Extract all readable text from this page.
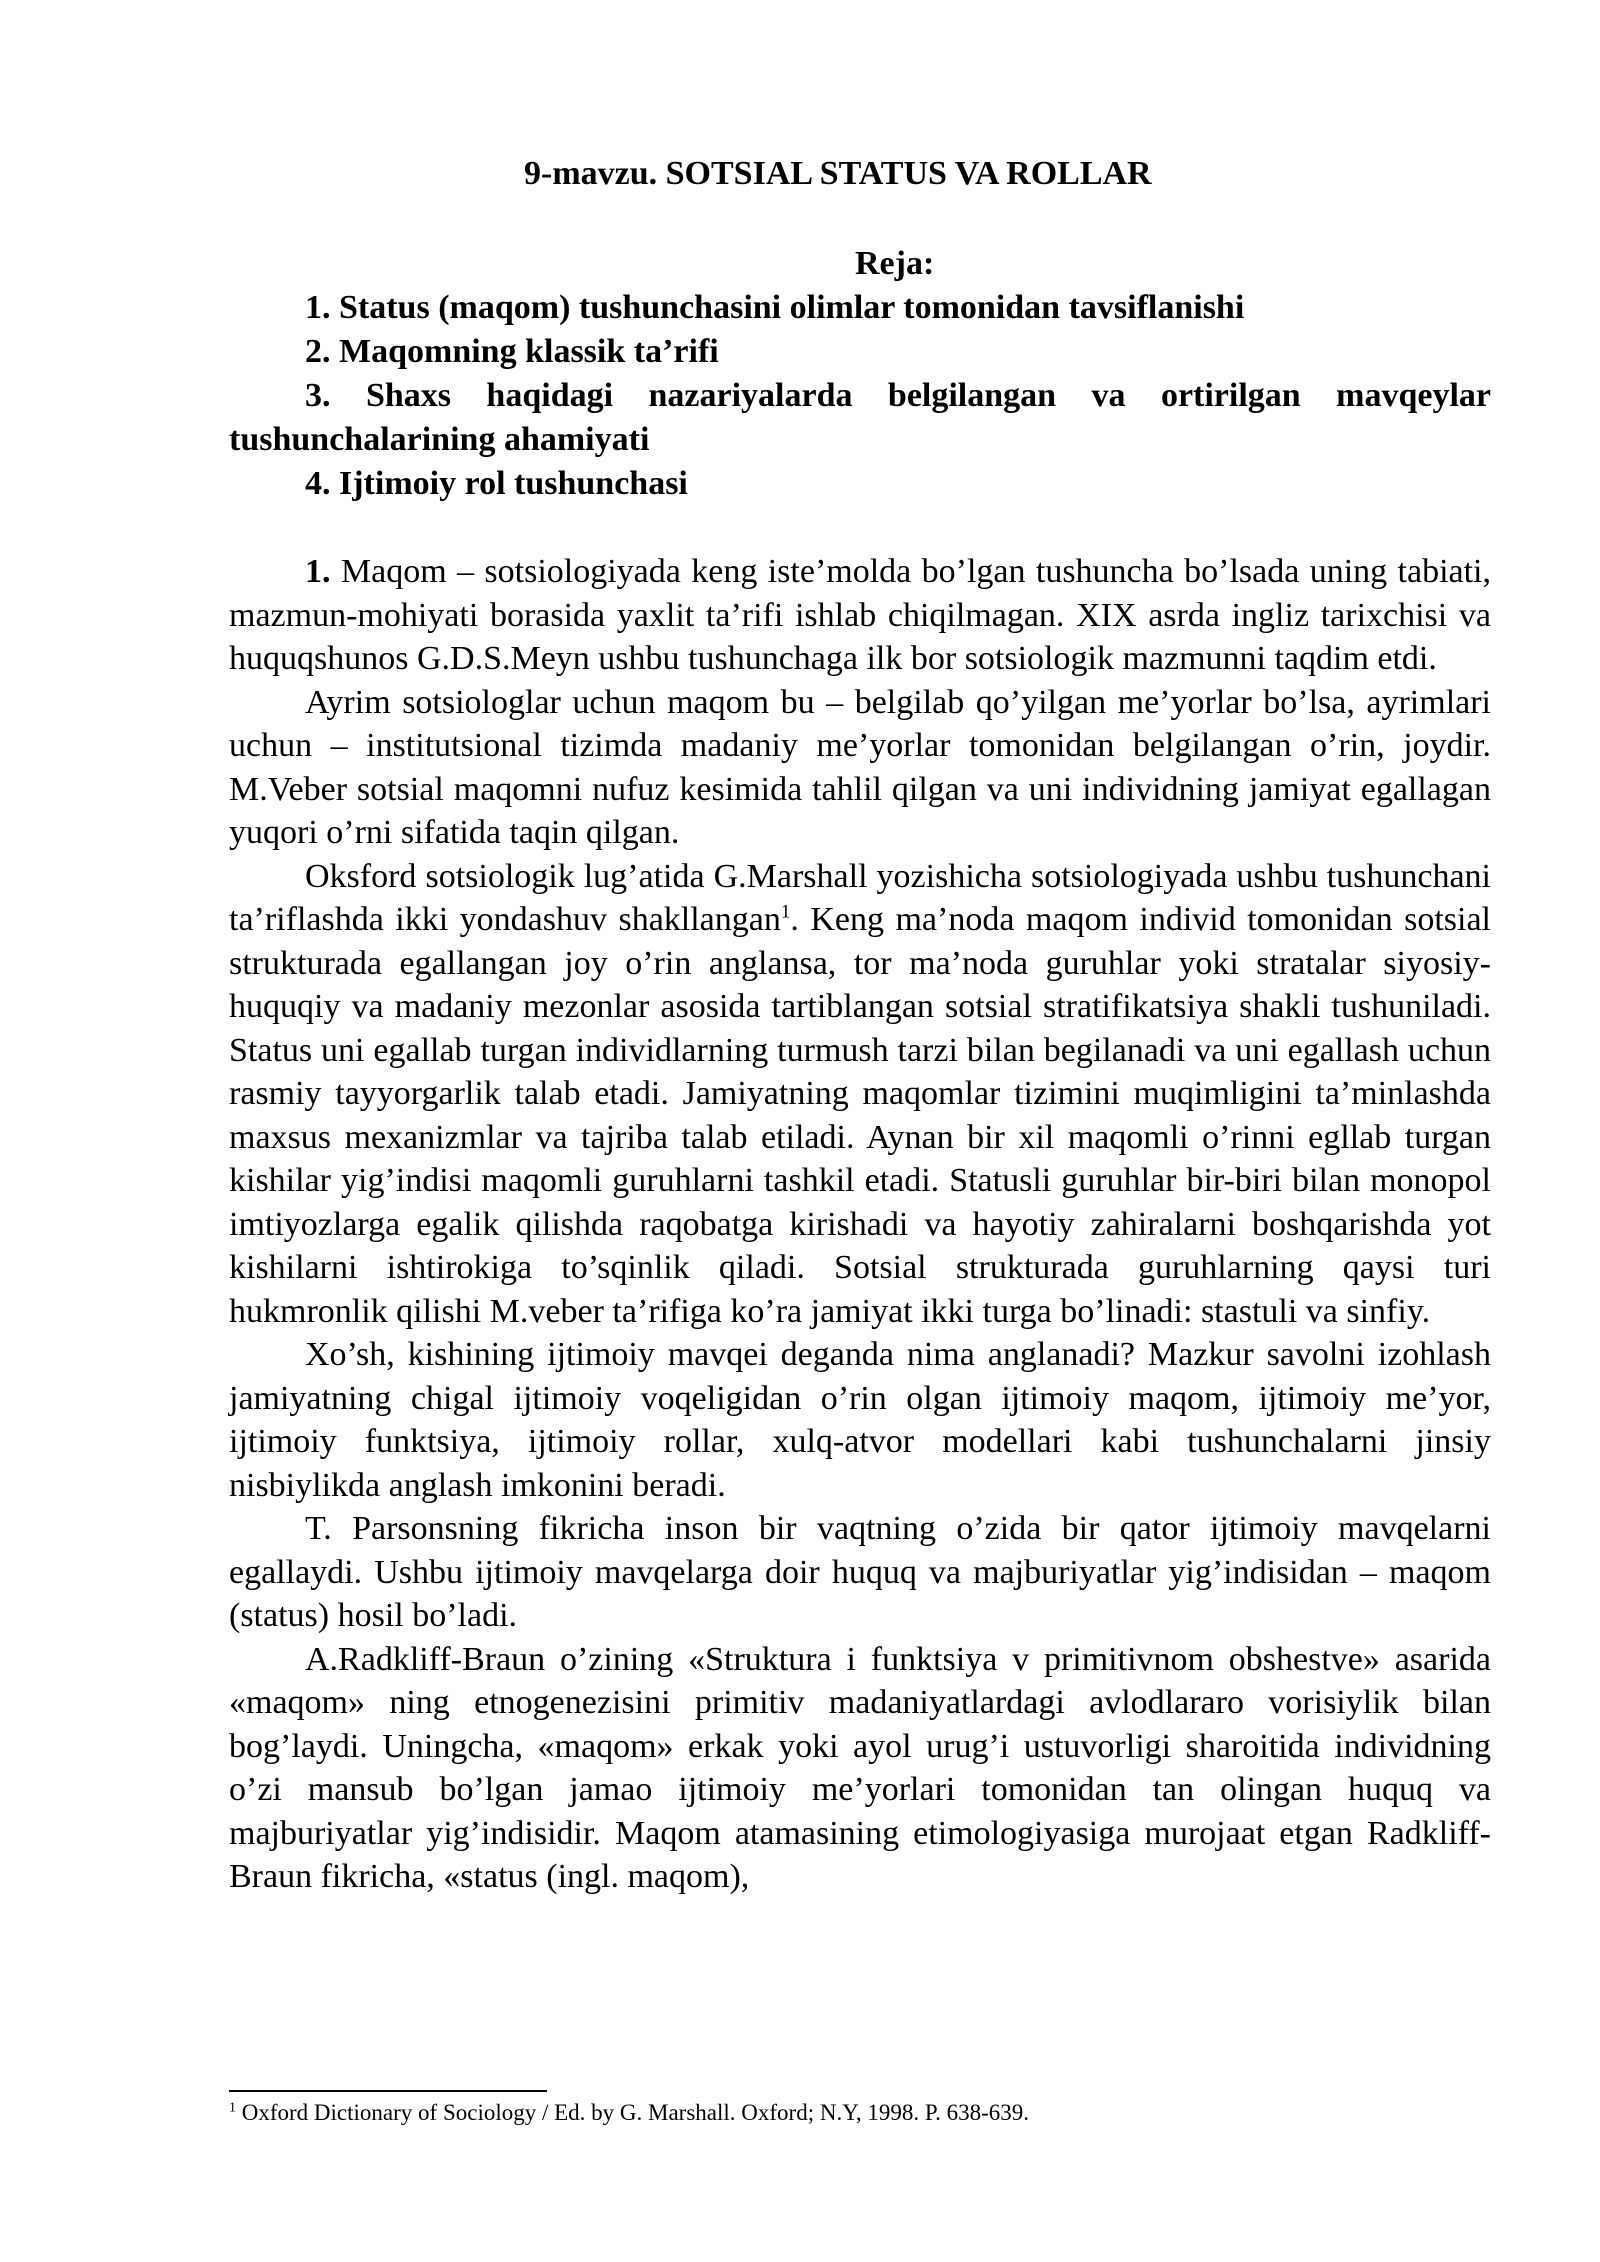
9-mavzu. SOTSIAL STATUS VA ROLLAR
Reja:
1. Status (maqom) tushunchasini olimlar tomonidan tavsiflanishi
2. Maqomning klassik ta’rifi
3. Shaxs haqidagi nazariyalarda belgilangan va ortirilgan mavqeylar tushunchalarining ahamiyati
4. Ijtimoiy rol tushunchasi

1. Maqom – sotsiologiyada keng iste’molda bo’lgan tushuncha bo’lsada uning tabiati, mazmun-mohiyati borasida yaxlit ta’rifi ishlab chiqilmagan. XIX asrda ingliz tarixchisi va huquqshunos G.D.S.Meyn ushbu tushunchaga ilk bor sotsiologik mazmunni taqdim etdi.

Ayrim sotsiologlar uchun maqom bu – belgilab qo’yilgan me’yorlar bo’lsa, ayrimlari uchun – institutsional tizimda madaniy me’yorlar tomonidan belgilangan o’rin, joydir. M.Veber sotsial maqomni nufuz kesimida tahlil qilgan va uni individning jamiyat egallagan yuqori o’rni sifatida taqin qilgan.

Oksford sotsiologik lug’atida G.Marshall yozishicha sotsiologiyada ushbu tushunchani ta’riflashda ikki yondashuv shakllangan$^1$. Keng ma’noda maqom individ tomonidan sotsial strukturada egallangan joy o’rin anglansa, tor ma’noda guruhlar yoki stratalar siyosiy-huquqiy va madaniy mezonlar asosida tartiblangan sotsial stratifikatsiya shakli tushuniladi. Status uni egallab turgan individlarning turmush tarzi bilan begilanadi va uni egallash uchun rasmiy tayyorgarlik talab etadi. Jamiyatning maqomlar tizimini muqimligini ta’minlashda maxsus mexanizmlar va tajriba talab etiladi. Aynan bir xil maqomli o’rinni egllab turgan kishilar yig’indisi maqomli guruhlarni tashkil etadi. Statusli guruhlar bir-biri bilan monopol imtiyozlarga egalik qilishda raqobatga kirishadi va hayotiy zahiralarni boshqarishda yot kishilarni ishtirokiga to’sqinlik qiladi. Sotsial strukturada guruhlarning qaysi turi hukmronlik qilishi M.veber ta’rifiga ko’ra jamiyat ikki turga bo’linadi: stastuli va sinfiy.

Xo’sh, kishining ijtimoiy mavqei deganda nima anglanadi? Mazkur savolni izohlash jamiyatning chigal ijtimoiy voqeligidan o’rin olgan ijtimoiy maqom, ijtimoiy me’yor, ijtimoiy funktsiya, ijtimoiy rollar, xulq-atvor modellari kabi tushunchalarni jinsiy nisbiylikda anglash imkonini beradi.

T. Parsonsning fikricha inson bir vaqtning o’zida bir qator ijtimoiy mavqelarni egallaydi. Ushbu ijtimoiy mavqelarga doir huquq va majburiyatlar yig’indisidan – maqom (status) hosil bo’ladi.

A.Radkliff-Braun o’zining «Struktura i funktsiya v primitivnom obshestve» asarida «maqom» ning etnogenezisini primitiv madaniyatlardagi avlodlararo vorisiylik bilan bog’laydi. Uningcha, «maqom» erkak yoki ayol urug’i ustuvorligi sharoitida individning o’zi mansub bo’lgan jamao ijtimoiy me’yorlari tomonidan tan olingan huquq va majburiyatlar yig’indisidir. Maqom atamasining etimologiyasiga murojaat etgan Radkliff-Braun fikricha, «status (ingl. maqom),

$^1$ Oxford Dictionary of Sociology / Ed. by G. Marshall. Oxford; N.Y, 1998. P. 638-639.
